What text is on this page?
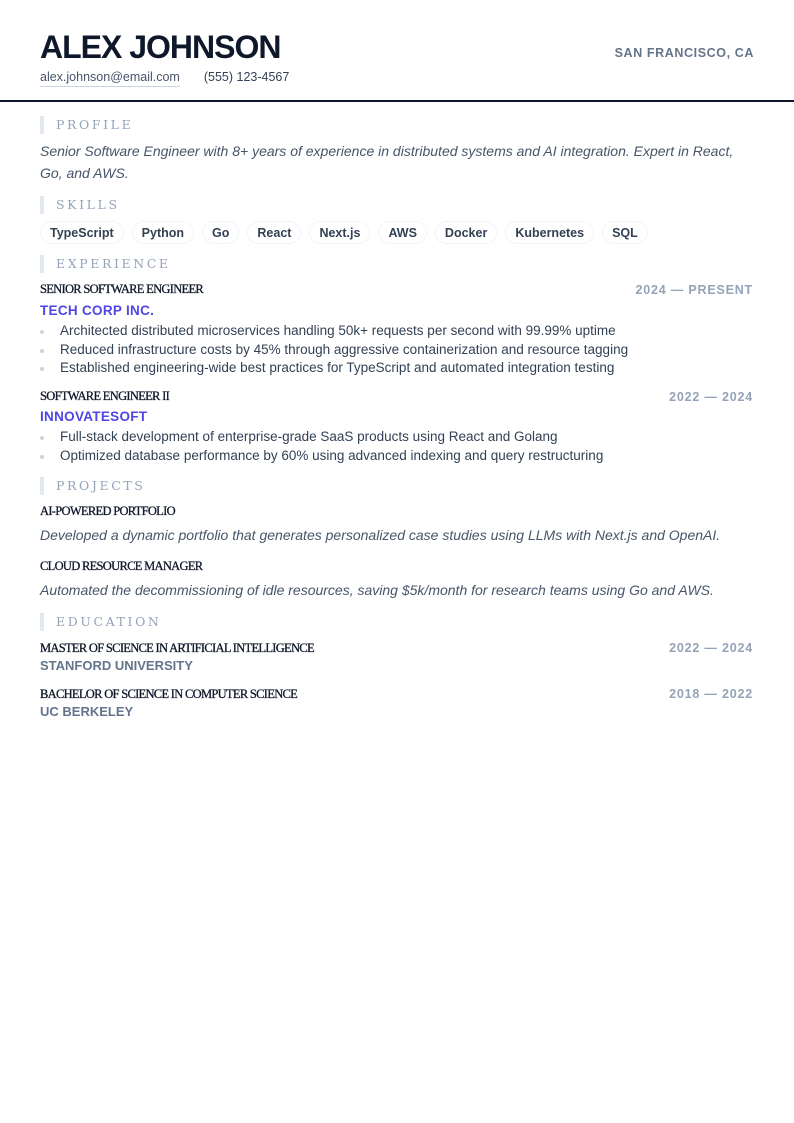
ALEX JOHNSON
alex.johnson@email.com (555) 123-4567
SAN FRANCISCO, CA
PROFILE

Senior Software Engineer with 8+ years of experience in distributed systems and AI integration. Expert in React, Go, and AWS.

SKILLS
TypeScript	Python	Go	React	Next.js	AWS	Docker	Kubernetes	SQL
EXPERIENCE
SENIOR SOFTWARE ENGINEER	2024 — PRESENT
TECH CORP INC.
Architected distributed microservices handling 50k+ requests per second with 99.99% uptime
Reduced infrastructure costs by 45% through aggressive containerization and resource tagging
Established engineering-wide best practices for TypeScript and automated integration testing
SOFTWARE ENGINEER II	2022 — 2024
INNOVATESOFT
Full-stack development of enterprise-grade SaaS products using React and Golang
Optimized database performance by 60% using advanced indexing and query restructuring
PROJECTS
AI-POWERED PORTFOLIO

Developed a dynamic portfolio that generates personalized case studies using LLMs with Next.js and OpenAI.

CLOUD RESOURCE MANAGER

Automated the decommissioning of idle resources, saving $5k/month for research teams using Go and AWS.

EDUCATION
MASTER OF SCIENCE IN ARTIFICIAL INTELLIGENCE	2022 — 2024
STANFORD UNIVERSITY
BACHELOR OF SCIENCE IN COMPUTER SCIENCE	2018 — 2022
UC BERKELEY
